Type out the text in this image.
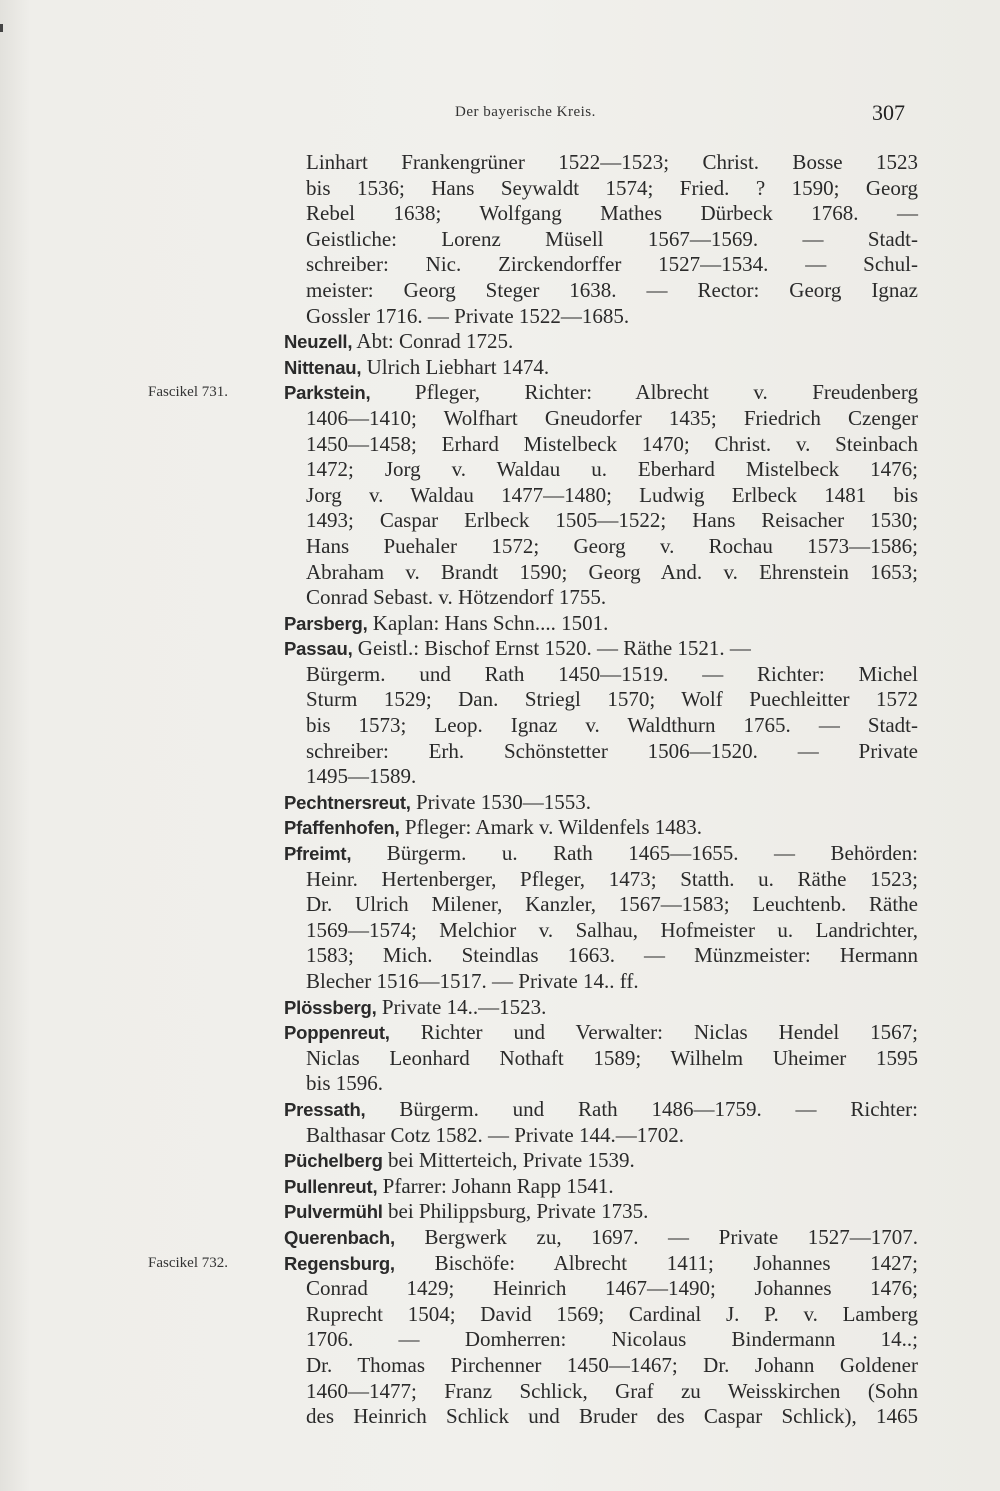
Der bayerische Kreis.	307
Linhart Frankengrüner 1522—1523; Christ. Bosse 1523
bis 1536; Hans Seywaldt 1574; Fried. ? 1590; Georg
Rebel 1638; Wolfgang Mathes Dürbeck 1768. —
Geistliche: Lorenz Müsell 1567—1569. — Stadt-
schreiber: Nic. Zirckendorffer 1527—1534. — Schul-
meister: Georg Steger 1638. — Rector: Georg Ignaz
Gossler 1716. — Private 1522—1685.
Neuzell, Abt: Conrad 1725.
Nittenau, Ulrich Liebhart 1474.
Fascikel 731.	Parkstein, Pfleger, Richter: Albrecht v. Freudenberg
1406—1410; Wolfhart Gneudorfer 1435; Friedrich Czenger
1450—1458; Erhard Mistelbeck 1470; Christ. v. Steinbach
1472; Jorg v. Waldau u. Eberhard Mistelbeck 1476;
Jorg v. Waldau 1477—1480; Ludwig Erlbeck 1481 bis
1493; Caspar Erlbeck 1505—1522; Hans Reisacher 1530;
Hans Puehaler 1572; Georg v. Rochau 1573—1586;
Abraham v. Brandt 1590; Georg And. v. Ehrenstein 1653;
Conrad Sebast. v. Hötzendorf 1755.
Parsberg, Kaplan: Hans Schn.... 1501.
Passau, Geistl.: Bischof Ernst 1520. — Räthe 1521. —
Bürgerm. und Rath 1450—1519. — Richter: Michel
Sturm 1529; Dan. Striegl 1570; Wolf Puechleitter 1572
bis 1573; Leop. Ignaz v. Waldthurn 1765. — Stadt-
schreiber: Erh. Schönstetter 1506—1520. — Private
1495—1589.
Pechtnersreut, Private 1530—1553.
Pfaffenhofen, Pfleger: Amark v. Wildenfels 1483.
Pfreimt, Bürgerm. u. Rath 1465—1655. — Behörden:
Heinr. Hertenberger, Pfleger, 1473; Statth. u. Räthe 1523;
Dr. Ulrich Milener, Kanzler, 1567—1583; Leuchtenb. Räthe
1569—1574; Melchior v. Salhau, Hofmeister u. Landrichter,
1583; Mich. Steindlas 1663. — Münzmeister: Hermann
Blecher 1516—1517. — Private 14.. ff.
Plössberg, Private 14..—1523.
Poppenreut, Richter und Verwalter: Niclas Hendel 1567;
Niclas Leonhard Nothaft 1589; Wilhelm Uheimer 1595
bis 1596.
Pressath, Bürgerm. und Rath 1486—1759. — Richter:
Balthasar Cotz 1582. — Private 144.—1702.
Püchelberg bei Mitterteich, Private 1539.
Pullenreut, Pfarrer: Johann Rapp 1541.
Pulvermühl bei Philippsburg, Private 1735.
Querenbach, Bergwerk zu, 1697. — Private 1527—1707.
Fascikel 732.	Regensburg, Bischöfe: Albrecht 1411; Johannes 1427;
Conrad 1429; Heinrich 1467—1490; Johannes 1476;
Ruprecht 1504; David 1569; Cardinal J. P. v. Lamberg
1706. — Domherren: Nicolaus Bindermann 14..;
Dr. Thomas Pirchenner 1450—1467; Dr. Johann Goldener
1460—1477; Franz Schlick, Graf zu Weisskirchen (Sohn
des Heinrich Schlick und Bruder des Caspar Schlick), 1465
